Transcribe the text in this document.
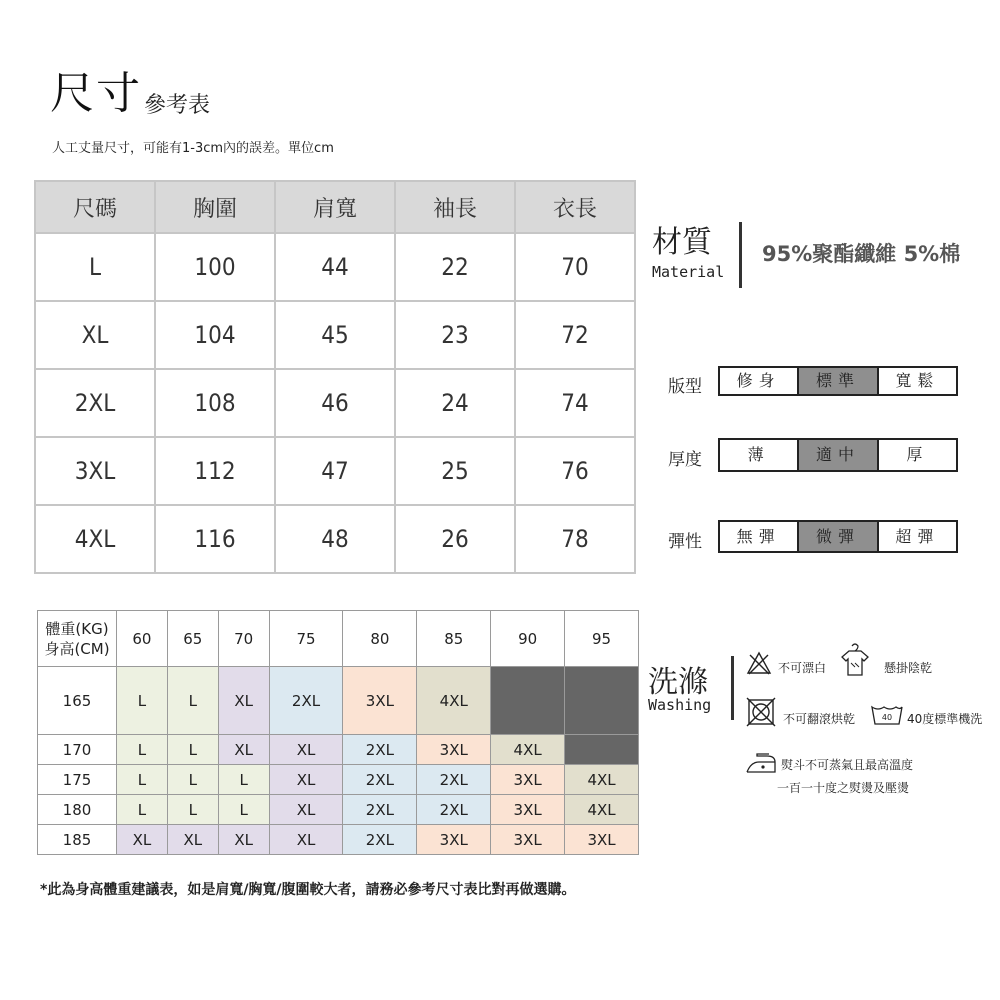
尺寸 參考表
人工丈量尺寸，可能有1-3cm內的誤差。單位cm
尺碼	胸圍	肩寬	袖長	衣長
L	100	44	22	70
XL	104	45	23	72
2XL	108	46	24	74
3XL	112	47	25	76
4XL	116	48	26	78
材質
Material
95%聚酯纖維 5%棉
版型	修身	標準	寬鬆
厚度	薄	適中	厚
彈性	無彈	微彈	超彈
體重(KG)
身高(CM)	60	65	70	75	80	85	90	95
165	L	L	XL	2XL	3XL	4XL		
170	L	L	XL	XL	2XL	3XL	4XL	
175	L	L	L	XL	2XL	2XL	3XL	4XL
180	L	L	L	XL	2XL	2XL	3XL	4XL
185	XL	XL	XL	XL	2XL	3XL	3XL	3XL
洗滌
Washing
不可漂白	懸掛陰乾
不可翻滾烘乾	40 40度標準機洗
熨斗不可蒸氣且最高溫度
一百一十度之熨燙及壓燙
*此為身高體重建議表，如是肩寬/胸寬/腹圍較大者，請務必參考尺寸表比對再做選購。
